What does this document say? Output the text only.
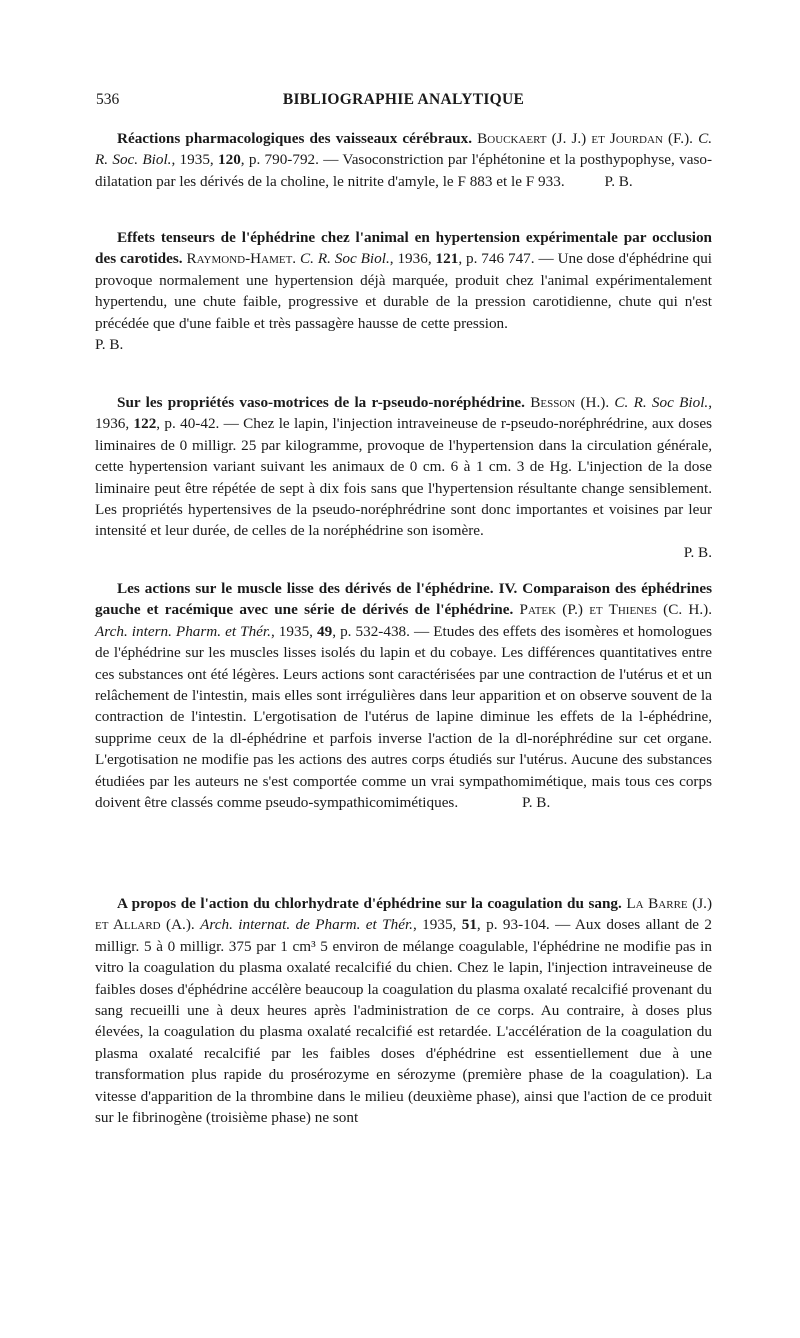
536	BIBLIOGRAPHIE ANALYTIQUE

Réactions pharmacologiques des vaisseaux cérébraux. Bouckaert (J. J.) et Jourdan (F.). C. R. Soc. Biol., 1935, 120, p. 790-792. — Vasoconstriction par l'éphétonine et la posthypophyse, vaso-dilatation par les dérivés de la choline, le nitrite d'amyle, le F 883 et le F 933.	P. B.

Effets tenseurs de l'éphédrine chez l'animal en hypertension expérimentale par occlusion des carotides. Raymond-Hamet. C. R. Soc Biol., 1936, 121, p. 746 747. — Une dose d'éphédrine qui provoque normalement une hypertension déjà marquée, produit chez l'animal expérimentalement hypertendu, une chute faible, progressive et durable de la pression carotidienne, chute qui n'est précédée que d'une faible et très passagère hausse de cette pression. P. B.

Sur les propriétés vaso-motrices de la r-pseudo-noréphédrine. Besson (H.). C. R. Soc Biol., 1936, 122, p. 40-42. — Chez le lapin, l'injection intraveineuse de r-pseudo-noréphrédrine, aux doses liminaires de 0 milligr. 25 par kilogramme, provoque de l'hypertension dans la circulation générale, cette hypertension variant suivant les animaux de 0 cm. 6 à 1 cm. 3 de Hg. L'injection de la dose liminaire peut être répétée de sept à dix fois sans que l'hypertension résultante change sensiblement. Les propriétés hypertensives de la pseudo-noréphrédrine sont donc importantes et voisines par leur intensité et leur durée, de celles de la noréphédrine son isomère.

P. B.

Les actions sur le muscle lisse des dérivés de l'éphédrine. IV. Comparaison des éphédrines gauche et racémique avec une série de dérivés de l'éphédrine. Patek (P.) et Thienes (C. H.). Arch. intern. Pharm. et Thér., 1935, 49, p. 532-438. — Etudes des effets des isomères et homologues de l'éphédrine sur les muscles lisses isolés du lapin et du cobaye. Les différences quantitatives entre ces substances ont été légères. Leurs actions sont caractérisées par une contraction de l'utérus et et un relâchement de l'intestin, mais elles sont irrégulières dans leur apparition et on observe souvent de la contraction de l'intestin. L'ergotisation de l'utérus de lapine diminue les effets de la l-éphédrine, supprime ceux de la dl-éphédrine et parfois inverse l'action de la dl-noréphrédine sur cet organe. L'ergotisation ne modifie pas les actions des autres corps étudiés sur l'utérus. Aucune des substances étudiées par les auteurs ne s'est comportée comme un vrai sympathomimétique, mais tous ces corps doivent être classés comme pseudo-sympathicomimétiques.	P. B.

A propos de l'action du chlorhydrate d'éphédrine sur la coagulation du sang. La Barre (J.) et Allard (A.). Arch. internat. de Pharm. et Thér., 1935, 51, p. 93-104. — Aux doses allant de 2 milligr. 5 à 0 milligr. 375 par 1 cm³ 5 environ de mélange coagulable, l'éphédrine ne modifie pas in vitro la coagulation du plasma oxalaté recalcifié du chien. Chez le lapin, l'injection intraveineuse de faibles doses d'éphédrine accélère beaucoup la coagulation du plasma oxalaté recalcifié provenant du sang recueilli une à deux heures après l'administration de ce corps. Au contraire, à doses plus élevées, la coagulation du plasma oxalaté recalcifié est retardée. L'accélération de la coagulation du plasma oxalaté recalcifié par les faibles doses d'éphédrine est essentiellement due à une transformation plus rapide du prosérozyme en sérozyme (première phase de la coagulation). La vitesse d'apparition de la thrombine dans le milieu (deuxième phase), ainsi que l'action de ce produit sur le fibrinogène (troisième phase) ne sont
